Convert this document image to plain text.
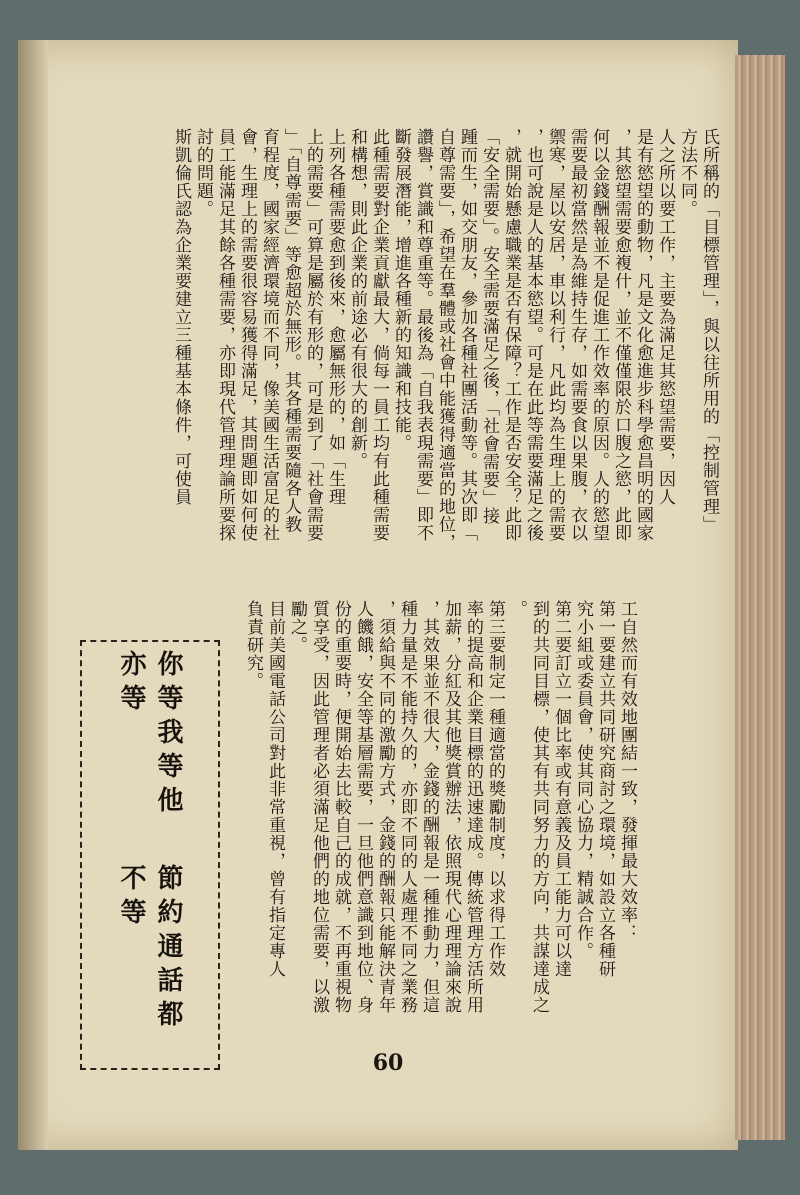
氏所稱的「目標管理」，與以往所用的「控制管理」
方法不同。
人之所以要工作，主要為滿足其慾望需要，因人
是有慾望的動物，凡是文化愈進步科學愈昌明的國家
，其慾望需要愈複什，並不僅僅限於口腹之慾，此即
何以金錢酬報並不是促進工作效率的原因。人的慾望
需要最初當然是為維持生存，如需要食以果腹，衣以
禦寒，屋以安居，車以利行，凡此均為生理上的需要
，也可說是人的基本慾望。可是在此等需要滿足之後
，就開始懸慮職業是否有保障？工作是否安全？此即
「安全需要」。安全需要滿足之後，「社會需要」接
踵而生，如交朋友，參加各種社團活動等。其次即「
自尊需要」，希望在羣體或社會中能獲得適當的地位，
讚譽，賞識和尊重等。最後為「自我表現需要」即不
斷發展潛能，增進各種新的知識和技能。
此種需要對企業貢獻最大，倘每一員工均有此種需要
和構想，則此企業的前途必有很大的創新。
上列各種需要愈到後來，愈屬無形的，如「生理
上的需要」可算是屬於有形的，可是到了「社會需要
」「自尊需要」等愈超於無形。其各種需要隨各人教
育程度，國家經濟環境而不同，像美國生活富足的社
會，生理上的需要很容易獲得滿足，其問題即如何使
員工能滿足其餘各種需要，亦即現代管理理論所要探
討的問題。
斯凱倫氏認為企業要建立三種基本條件，可使員
工自然而有效地團結一致，發揮最大效率：
第一要建立共同研究商討之環境，如設立各種研
究小組或委員會，使其同心協力，精誠合作。
第二要訂立一個比率或有意義及員工能力可以達
到的共同目標，使其有共同努力的方向，共謀達成之
。
第三要制定一種適當的獎勵制度，以求得工作效
率的提高和企業目標的迅速達成。傳統管理方活所用
加薪，分紅及其他獎賞辦法，依照現代心理理論來說
，其效果並不很大，金錢的酬報是一種推動力，但這
種力量是不能持久的，亦即不同的人處理不同之業務
，須給與不同的激勵方式，金錢的酬報只能解決青年
人饑餓，安全等基層需要，一旦他們意識到地位、身
份的重要時，便開始去比較自己的成就，不再重視物
質享受，因此管理者必須滿足他們的地位需要，以激
勵之。
目前美國電話公司對此非常重視，曾有指定專人
負責研究。
你等我等他亦等
節約通話都不等
60
